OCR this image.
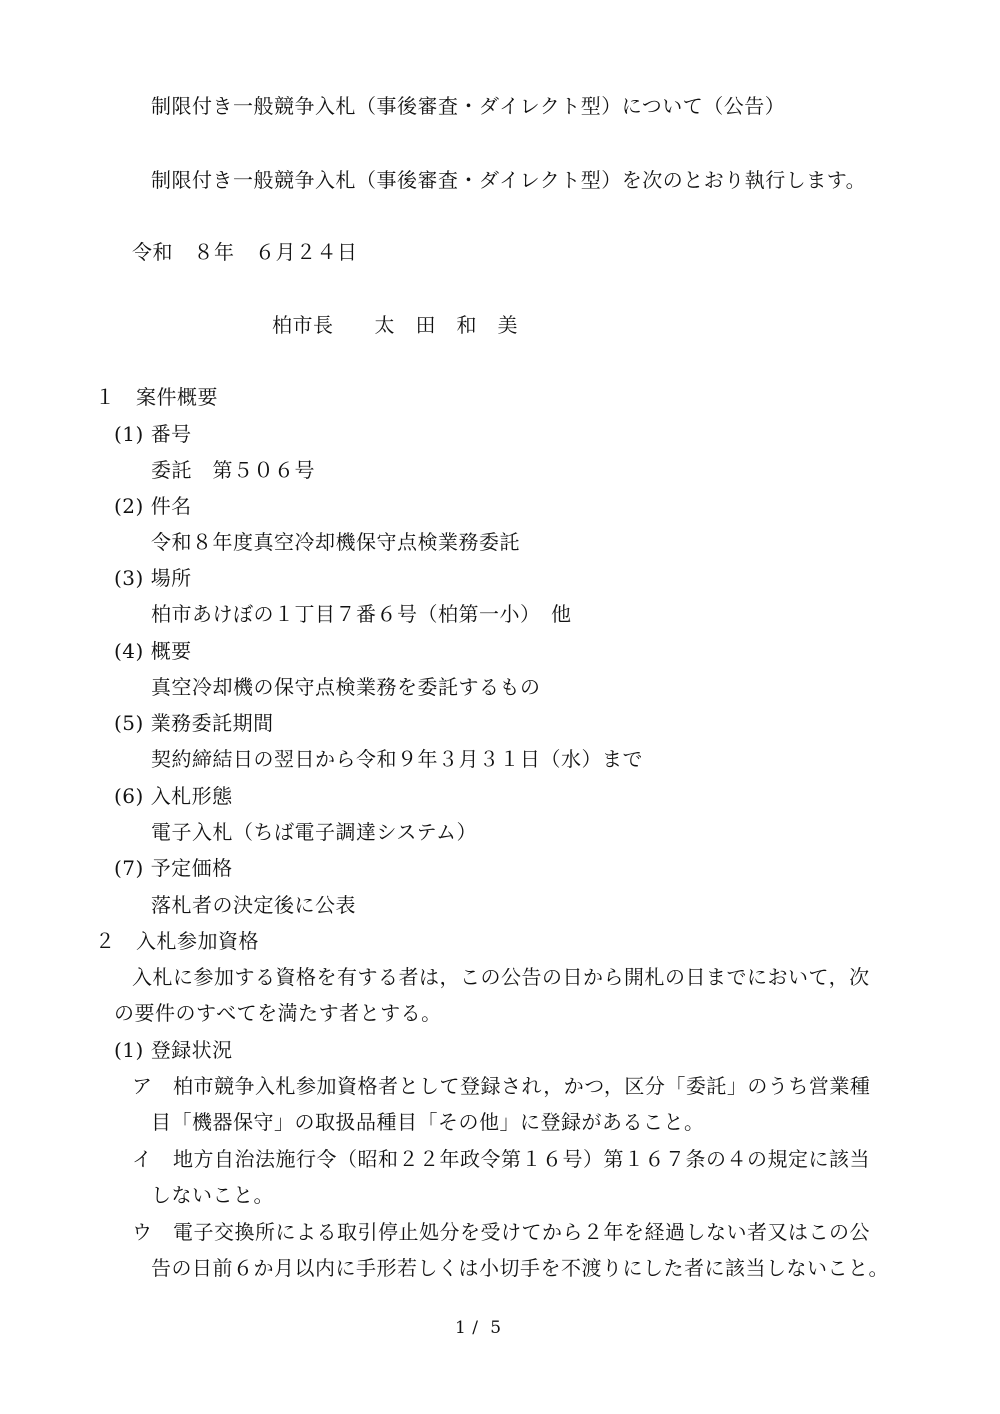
制限付き一般競争入札（事後審査・ダイレクト型）について（公告）
制限付き一般競争入札（事後審査・ダイレクト型）を次のとおり執行します。
令和　８年　６月２４日
柏市長　　太　田　和　美
１　案件概要
(1) 番号
委託　第５０６号
(2) 件名
令和８年度真空冷却機保守点検業務委託
(3) 場所
柏市あけぼの１丁目７番６号（柏第一小）　他
(4) 概要
真空冷却機の保守点検業務を委託するもの
(5) 業務委託期間
契約締結日の翌日から令和９年３月３１日（水）まで
(6) 入札形態
電子入札（ちば電子調達システム）
(7) 予定価格
落札者の決定後に公表
２　入札参加資格
入札に参加する資格を有する者は，この公告の日から開札の日までにおいて，次
の要件のすべてを満たす者とする。
(1) 登録状況
ア　柏市競争入札参加資格者として登録され，かつ，区分「委託」のうち営業種
目「機器保守」の取扱品種目「その他」に登録があること。
イ　地方自治法施行令（昭和２２年政令第１６号）第１６７条の４の規定に該当
しないこと。
ウ　電子交換所による取引停止処分を受けてから２年を経過しない者又はこの公
告の日前６か月以内に手形若しくは小切手を不渡りにした者に該当しないこと。
1 /  5
